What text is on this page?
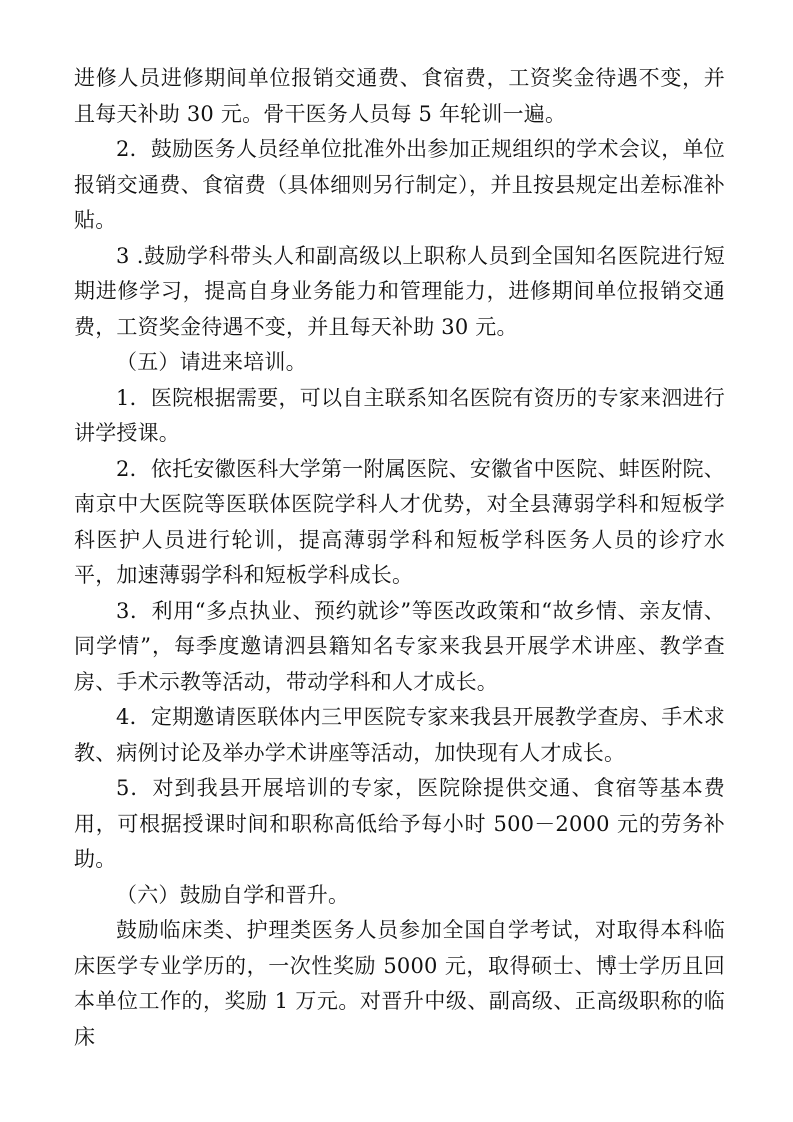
进修人员进修期间单位报销交通费、食宿费，工资奖金待遇不变，并且每天补助 30 元。骨干医务人员每 5 年轮训一遍。

2．鼓励医务人员经单位批准外出参加正规组织的学术会议，单位报销交通费、食宿费（具体细则另行制定），并且按县规定出差标准补贴。

3 .鼓励学科带头人和副高级以上职称人员到全国知名医院进行短期进修学习，提高自身业务能力和管理能力，进修期间单位报销交通费，工资奖金待遇不变，并且每天补助 30 元。

（五）请进来培训。

1．医院根据需要，可以自主联系知名医院有资历的专家来泗进行讲学授课。

2．依托安徽医科大学第一附属医院、安徽省中医院、蚌医附院、南京中大医院等医联体医院学科人才优势，对全县薄弱学科和短板学科医护人员进行轮训，提高薄弱学科和短板学科医务人员的诊疗水平，加速薄弱学科和短板学科成长。

3．利用“多点执业、预约就诊”等医改政策和“故乡情、亲友情、同学情”，每季度邀请泗县籍知名专家来我县开展学术讲座、教学查房、手术示教等活动，带动学科和人才成长。

4．定期邀请医联体内三甲医院专家来我县开展教学查房、手术求教、病例讨论及举办学术讲座等活动，加快现有人才成长。

5．对到我县开展培训的专家，医院除提供交通、食宿等基本费用，可根据授课时间和职称高低给予每小时 500－2000 元的劳务补助。

（六）鼓励自学和晋升。

鼓励临床类、护理类医务人员参加全国自学考试，对取得本科临床医学专业学历的，一次性奖励 5000 元，取得硕士、博士学历且回本单位工作的，奖励 1 万元。对晋升中级、副高级、正高级职称的临床
